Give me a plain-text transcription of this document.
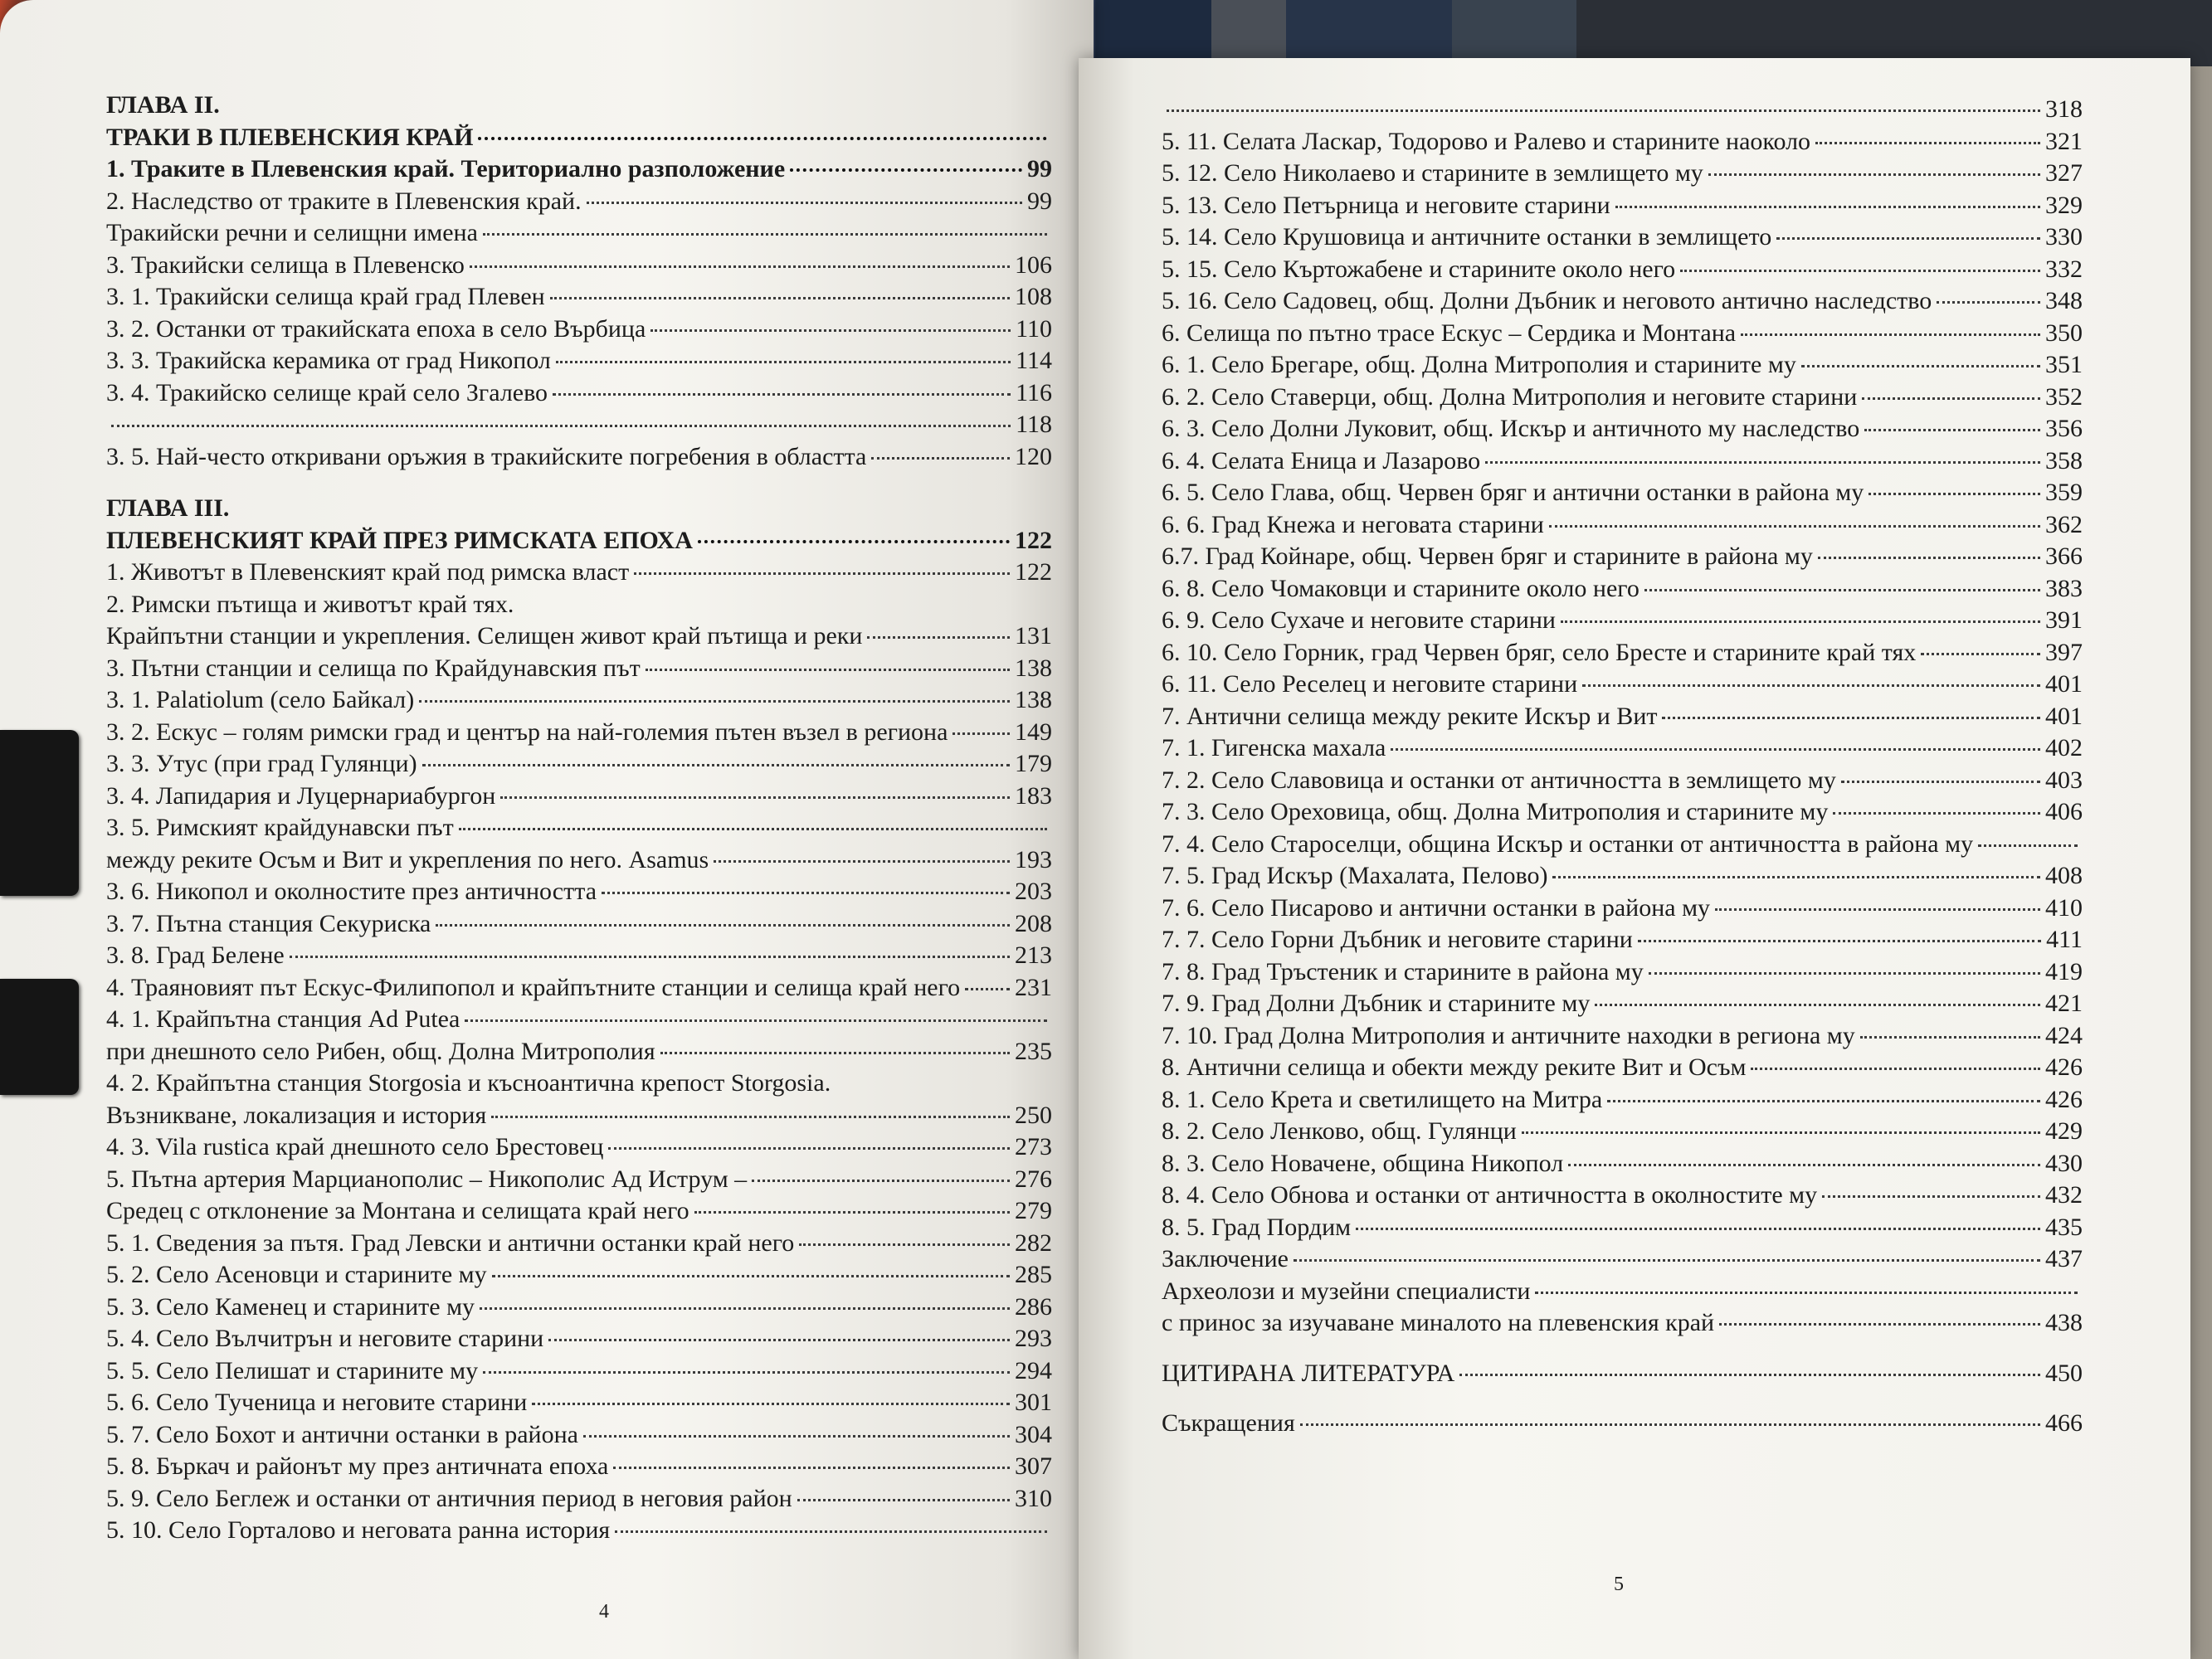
ГЛАВА II.
ТРАКИ В ПЛЕВЕНСКИЯ КРАЙ
1. Траките в Плевенския край. Териториално разположение	99
2. Наследство от траките в Плевенския край.	99
Тракийски речни и селищни имена
3. Тракийски селища в Плевенско	106
3. 1. Тракийски селища край град Плевен	108
3. 2. Останки от тракийската епоха в село Върбица	110
3. 3. Тракийска керамика от град Никопол	114
3. 4. Тракийско селище край село Згалево	116
118
3. 5. Най-често откривани оръжия в тракийските погребения в областта	120
ГЛАВА III.
ПЛЕВЕНСКИЯТ КРАЙ ПРЕЗ РИМСКАТА ЕПОХА	122
1. Животът в Плевенският край под римска власт	122
2. Римски пътища и животът край тях.
Крайпътни станции и укрепления. Селищен живот край пътища и реки	131
3. Пътни станции и селища по Крайдунавския път	138
3. 1. Palatiolum (село Байкал)	138
3. 2. Ескус – голям римски град и център на най-големия пътен възел в региона	149
3. 3. Утус (при град Гулянци)	179
3. 4. Лапидария и Луцернариабургон	183
3. 5. Римският крайдунавски път
между реките Осъм и Вит и укрепления по него. Asamus	193
3. 6. Никопол и околностите през античността	203
3. 7. Пътна станция Секуриска	208
3. 8. Град Белене	213
4. Траяновият път Ескус-Филипопол и крайпътните станции и селища край него 231
4. 1. Крайпътна станция Ad Putea
при днешното село Рибен, общ. Долна Митрополия	235
4. 2. Крайпътна станция Storgosia и късноантична крепост Storgosia.
Възникване, локализация и история	250
4. 3. Vila rustica край днешното село Брестовец	273
5. Пътна артерия Марцианополис – Никополис Ад Иструм –	276
Средец с отклонение за Монтана и селищата край него	279
5. 1. Сведения за пътя. Град Левски и антични останки край него	282
5. 2. Село Асеновци и старините му	285
5. 3. Село Каменец и старините му	286
5. 4. Село Вълчитрън и неговите старини	293
5. 5. Село Пелишат и старините му	294
5. 6. Село Тученица и неговите старини	301
5. 7. Село Бохот и антични останки в района	304
5. 8. Бъркач и районът му през античната епоха	307
5. 9. Село Беглеж и останки от античния период в неговия район	310
5. 10. Село Горталово и неговата ранна история
318
5. 11. Селата Ласкар, Тодорово и Ралево и старините наоколо	321
5. 12. Село Николаево и старините в землището му	327
5. 13. Село Петърница и неговите старини	329
5. 14. Село Крушовица и античните останки в землището	330
5. 15. Село Къртожабене и старините около него	332
5. 16. Село Садовец, общ. Долни Дъбник и неговото антично наследство	348
6. Селища по пътно трасе Ескус – Сердика и Монтана	350
6. 1. Село Брегаре, общ. Долна Митрополия и старините му	351
6. 2. Село Ставерци, общ. Долна Митрополия и неговите старини	352
6. 3. Село Долни Луковит, общ. Искър и античното му наследство	356
6. 4. Селата Еница и Лазарово	358
6. 5. Село Глава, общ. Червен бряг и антични останки в района му	359
6. 6. Град Кнежа и неговата старини	362
6.7. Град Койнаре, общ. Червен бряг и старините в района му	366
6. 8. Село Чомаковци и старините около него	383
6. 9. Село Сухаче и неговите старини	391
6. 10. Село Горник, град Червен бряг, село Бресте и старините край тях	397
6. 11. Село Реселец и неговите старини	401
7. Антични селища между реките Искър и Вит	401
7. 1. Гигенска махала	402
7. 2. Село Славовица и останки от античността в землището му	403
7. 3. Село Ореховица, общ. Долна Митрополия и старините му	406
7. 4. Село Староселци, община Искър и останки от античността в района му
7. 5. Град Искър (Махалата, Пелово)	408
7. 6. Село Писарово и антични останки в района му	410
7. 7. Село Горни Дъбник и неговите старини	411
7. 8. Град Тръстеник и старините в района му	419
7. 9. Град Долни Дъбник и старините му	421
7. 10. Град Долна Митрополия и античните находки в региона му	424
8. Антични селища и обекти между реките Вит и Осъм	426
8. 1. Село Крета и светилището на Митра	426
8. 2. Село Ленково, общ. Гулянци	429
8. 3. Село Новачене, община Никопол	430
8. 4. Село Обнова и останки от античността в околностите му	432
8. 5. Град Пордим	435
Заключение	437
Археолози и музейни специалисти
с принос за изучаване миналото на плевенския край	438
ЦИТИРАНА ЛИТЕРАТУРА	450
Съкращения	466
4
5
